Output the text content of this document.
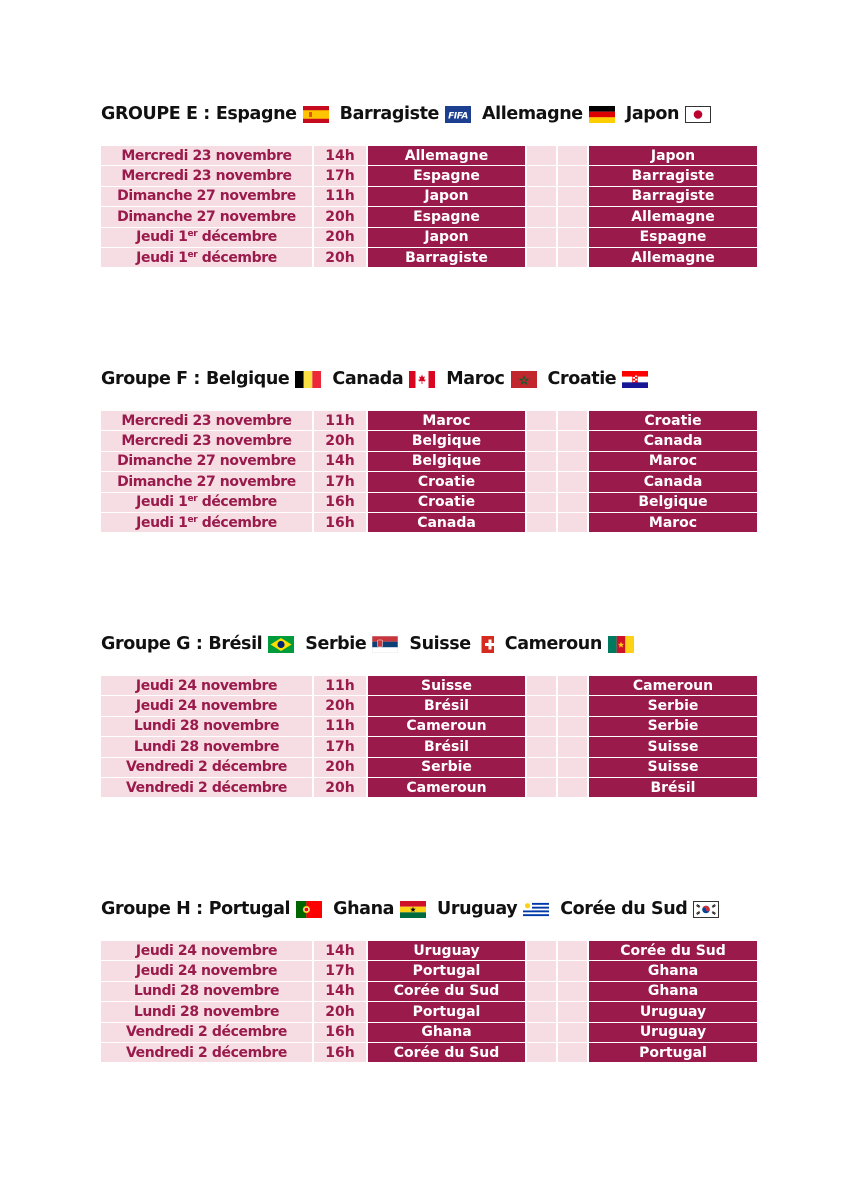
GROUPE E : Espagne Barragiste FIFA Allemagne Japon
Mercredi 23 novembre	14h	Allemagne			Japon
Mercredi 23 novembre	17h	Espagne			Barragiste
Dimanche 27 novembre	11h	Japon			Barragiste
Dimanche 27 novembre	20h	Espagne			Allemagne
Jeudi 1er décembre	20h	Japon			Espagne
Jeudi 1er décembre	20h	Barragiste			Allemagne
Groupe F : Belgique Canada Maroc Croatie
Mercredi 23 novembre	11h	Maroc			Croatie
Mercredi 23 novembre	20h	Belgique			Canada
Dimanche 27 novembre	14h	Belgique			Maroc
Dimanche 27 novembre	17h	Croatie			Canada
Jeudi 1er décembre	16h	Croatie			Belgique
Jeudi 1er décembre	16h	Canada			Maroc
Groupe G : Brésil Serbie Suisse Cameroun
Jeudi 24 novembre	11h	Suisse			Cameroun
Jeudi 24 novembre	20h	Brésil			Serbie
Lundi 28 novembre	11h	Cameroun			Serbie
Lundi 28 novembre	17h	Brésil			Suisse
Vendredi 2 décembre	20h	Serbie			Suisse
Vendredi 2 décembre	20h	Cameroun			Brésil
Groupe H : Portugal Ghana Uruguay Corée du Sud
Jeudi 24 novembre	14h	Uruguay			Corée du Sud
Jeudi 24 novembre	17h	Portugal			Ghana
Lundi 28 novembre	14h	Corée du Sud			Ghana
Lundi 28 novembre	20h	Portugal			Uruguay
Vendredi 2 décembre	16h	Ghana			Uruguay
Vendredi 2 décembre	16h	Corée du Sud			Portugal
